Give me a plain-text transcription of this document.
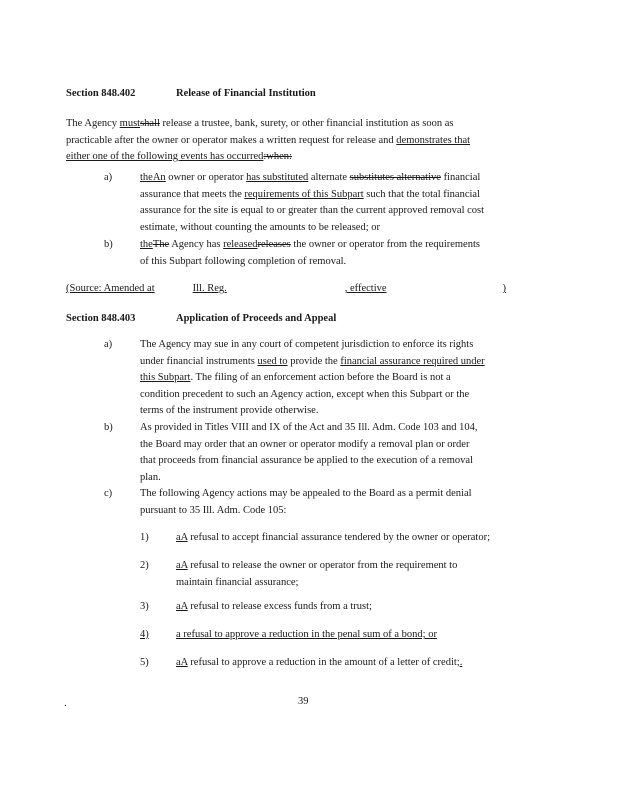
Section 848.402	Release of Financial Institution
The Agency mustshall release a trustee, bank, surety, or other financial institution as soon as
practicable after the owner or operator makes a written request for release and demonstrates that
either one of the following events has occurred:when:
a)	theAn owner or operator has substituted alternate substitutes alternative financial
assurance that meets the requirements of this Subpart such that the total financial
assurance for the site is equal to or greater than the current approved removal cost
estimate, without counting the amounts to be released; or
b)	theThe Agency has releasedreleases the owner or operator from the requirements
of this Subpart following completion of removal.
(Source: Amended at	Ill. Reg.	, effective	)
Section 848.403	Application of Proceeds and Appeal
a)	The Agency may sue in any court of competent jurisdiction to enforce its rights
under financial instruments used to provide the financial assurance required under
this Subpart. The filing of an enforcement action before the Board is not a
condition precedent to such an Agency action, except when this Subpart or the
terms of the instrument provide otherwise.
b)	As provided in Titles VIII and IX of the Act and 35 Ill. Adm. Code 103 and 104,
the Board may order that an owner or operator modify a removal plan or order
that proceeds from financial assurance be applied to the execution of a removal
plan.
c)	The following Agency actions may be appealed to the Board as a permit denial
pursuant to 35 Ill. Adm. Code 105:
1)	aA refusal to accept financial assurance tendered by the owner or operator;
2)	aA refusal to release the owner or operator from the requirement to
maintain financial assurance;
3)	aA refusal to release excess funds from a trust;
4)	a refusal to approve a reduction in the penal sum of a bond; or
5)	aA refusal to approve a reduction in the amount of a letter of credit;.
.	39
